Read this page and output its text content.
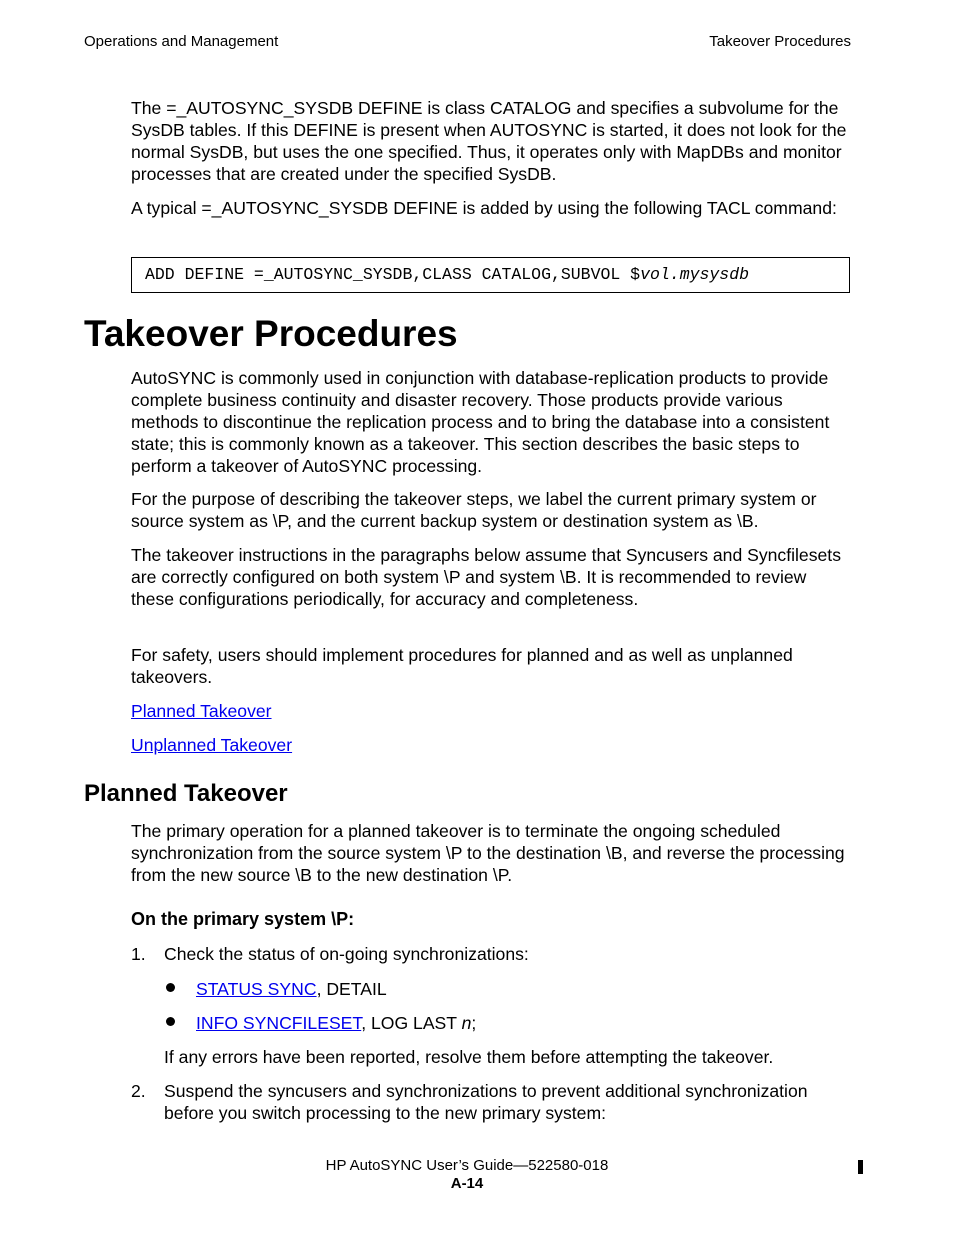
Operations and Management	Takeover Procedures

The =_AUTOSYNC_SYSDB DEFINE is class CATALOG and specifies a subvolume for the SysDB tables. If this DEFINE is present when AUTOSYNC is started, it does not look for the normal SysDB, but uses the one specified. Thus, it operates only with MapDBs and monitor processes that are created under the specified SysDB.

A typical =_AUTOSYNC_SYSDB DEFINE is added by using the following TACL command:

ADD DEFINE =_AUTOSYNC_SYSDB,CLASS CATALOG,SUBVOL $vol.mysysdb
Takeover Procedures

AutoSYNC is commonly used in conjunction with database-replication products to provide complete business continuity and disaster recovery. Those products provide various methods to discontinue the replication process and to bring the database into a consistent state; this is commonly known as a takeover. This section describes the basic steps to perform a takeover of AutoSYNC processing.

For the purpose of describing the takeover steps, we label the current primary system or source system as \P, and the current backup system or destination system as \B.

The takeover instructions in the paragraphs below assume that Syncusers and Syncfilesets are correctly configured on both system \P and system \B. It is recommended to review these configurations periodically, for accuracy and completeness.

For safety, users should implement procedures for planned and as well as unplanned takeovers.

Planned Takeover
Unplanned Takeover
Planned Takeover

The primary operation for a planned takeover is to terminate the ongoing scheduled synchronization from the source system \P to the destination \B, and reverse the processing from the new source \B to the new destination \P.

On the primary system \P:
1. Check the status of on-going synchronizations:

STATUS SYNC, DETAIL
INFO SYNCFILESET, LOG LAST n;

If any errors have been reported, resolve them before attempting the takeover.

2. Suspend the syncusers and synchronizations to prevent additional synchronization before you switch processing to the new primary system:

HP AutoSYNC User’s Guide—522580-018
A-14
